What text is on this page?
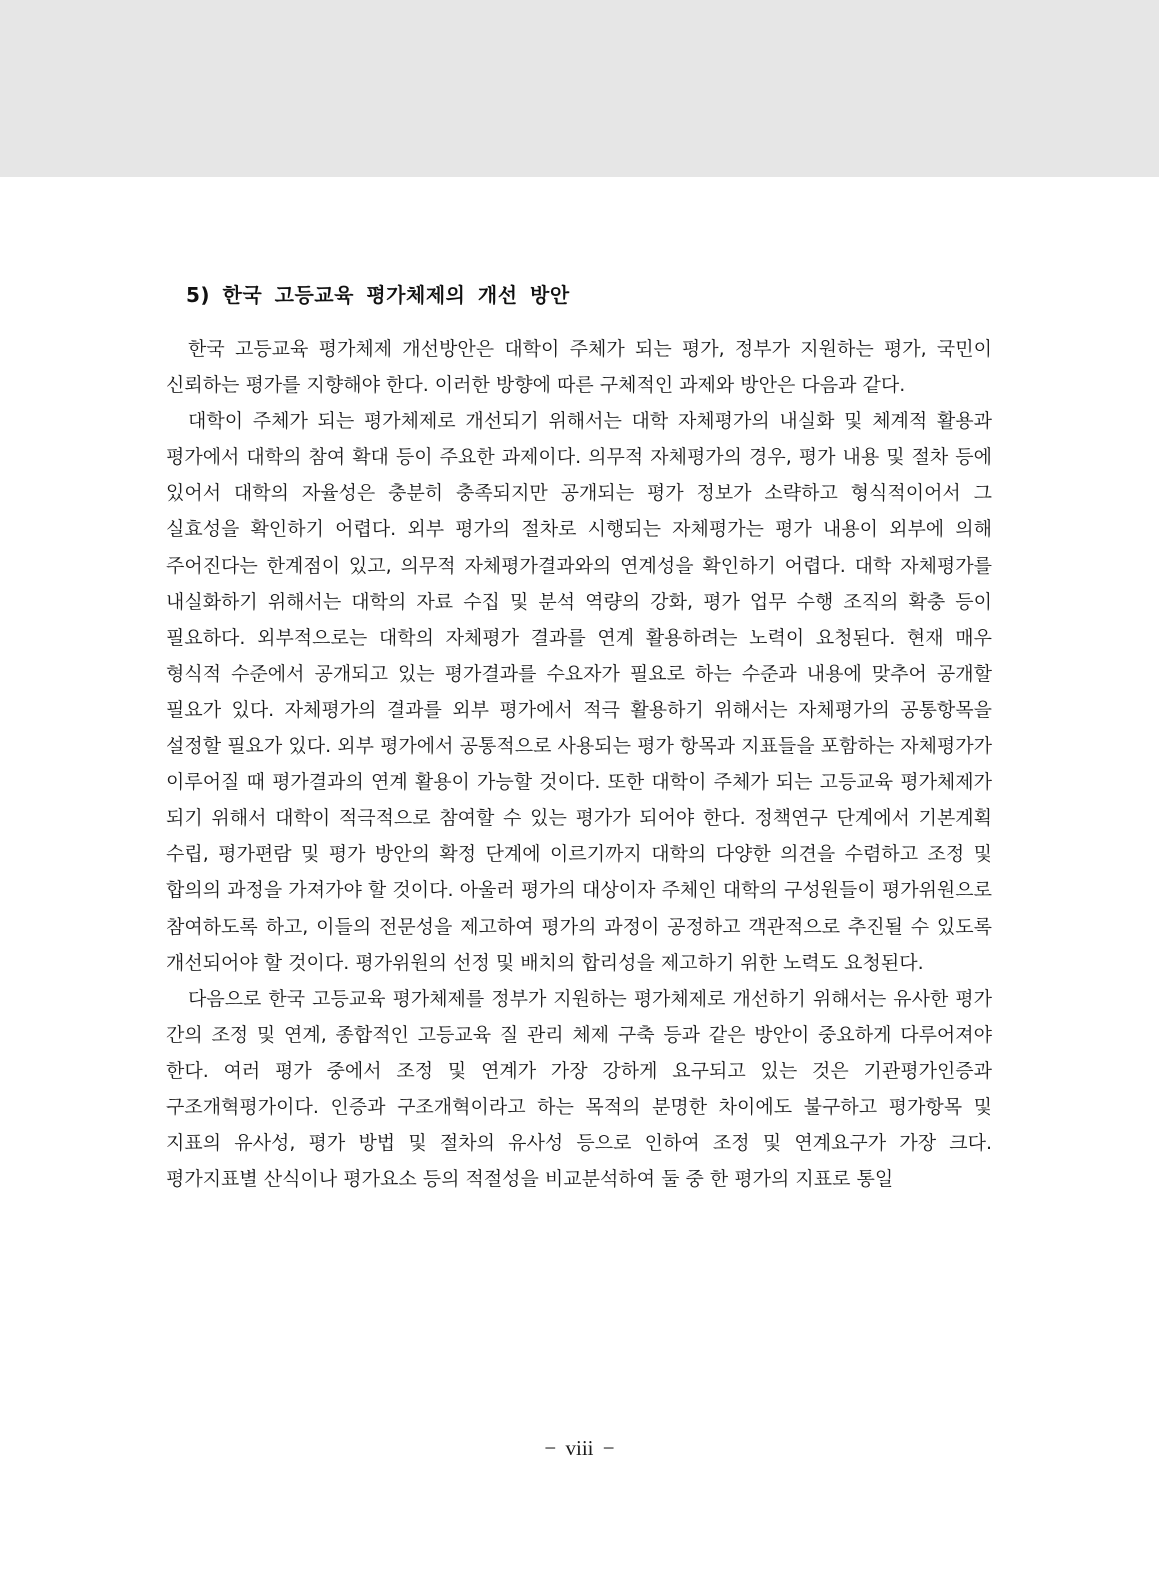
5) 한국 고등교육 평가체제의 개선 방안

한국 고등교육 평가체제 개선방안은 대학이 주체가 되는 평가, 정부가 지원하는 평가, 국민이 신뢰하는 평가를 지향해야 한다. 이러한 방향에 따른 구체적인 과제와 방안은 다음과 같다.

대학이 주체가 되는 평가체제로 개선되기 위해서는 대학 자체평가의 내실화 및 체계적 활용과 평가에서 대학의 참여 확대 등이 주요한 과제이다. 의무적 자체평가의 경우, 평가 내용 및 절차 등에 있어서 대학의 자율성은 충분히 충족되지만 공개되는 평가 정보가 소략하고 형식적이어서 그 실효성을 확인하기 어렵다. 외부 평가의 절차로 시행되는 자체평가는 평가 내용이 외부에 의해 주어진다는 한계점이 있고, 의무적 자체평가결과와의 연계성을 확인하기 어렵다. 대학 자체평가를 내실화하기 위해서는 대학의 자료 수집 및 분석 역량의 강화, 평가 업무 수행 조직의 확충 등이 필요하다. 외부적으로는 대학의 자체평가 결과를 연계 활용하려는 노력이 요청된다. 현재 매우 형식적 수준에서 공개되고 있는 평가결과를 수요자가 필요로 하는 수준과 내용에 맞추어 공개할 필요가 있다. 자체평가의 결과를 외부 평가에서 적극 활용하기 위해서는 자체평가의 공통항목을 설정할 필요가 있다. 외부 평가에서 공통적으로 사용되는 평가 항목과 지표들을 포함하는 자체평가가 이루어질 때 평가결과의 연계 활용이 가능할 것이다. 또한 대학이 주체가 되는 고등교육 평가체제가 되기 위해서 대학이 적극적으로 참여할 수 있는 평가가 되어야 한다. 정책연구 단계에서 기본계획 수립, 평가편람 및 평가 방안의 확정 단계에 이르기까지 대학의 다양한 의견을 수렴하고 조정 및 합의의 과정을 가져가야 할 것이다. 아울러 평가의 대상이자 주체인 대학의 구성원들이 평가위원으로 참여하도록 하고, 이들의 전문성을 제고하여 평가의 과정이 공정하고 객관적으로 추진될 수 있도록 개선되어야 할 것이다. 평가위원의 선정 및 배치의 합리성을 제고하기 위한 노력도 요청된다.

다음으로 한국 고등교육 평가체제를 정부가 지원하는 평가체제로 개선하기 위해서는 유사한 평가 간의 조정 및 연계, 종합적인 고등교육 질 관리 체제 구축 등과 같은 방안이 중요하게 다루어져야 한다. 여러 평가 중에서 조정 및 연계가 가장 강하게 요구되고 있는 것은 기관평가인증과 구조개혁평가이다. 인증과 구조개혁이라고 하는 목적의 분명한 차이에도 불구하고 평가항목 및 지표의 유사성, 평가 방법 및 절차의 유사성 등으로 인하여 조정 및 연계요구가 가장 크다. 평가지표별 산식이나 평가요소 등의 적절성을 비교분석하여 둘 중 한 평가의 지표로 통일

− viii −
